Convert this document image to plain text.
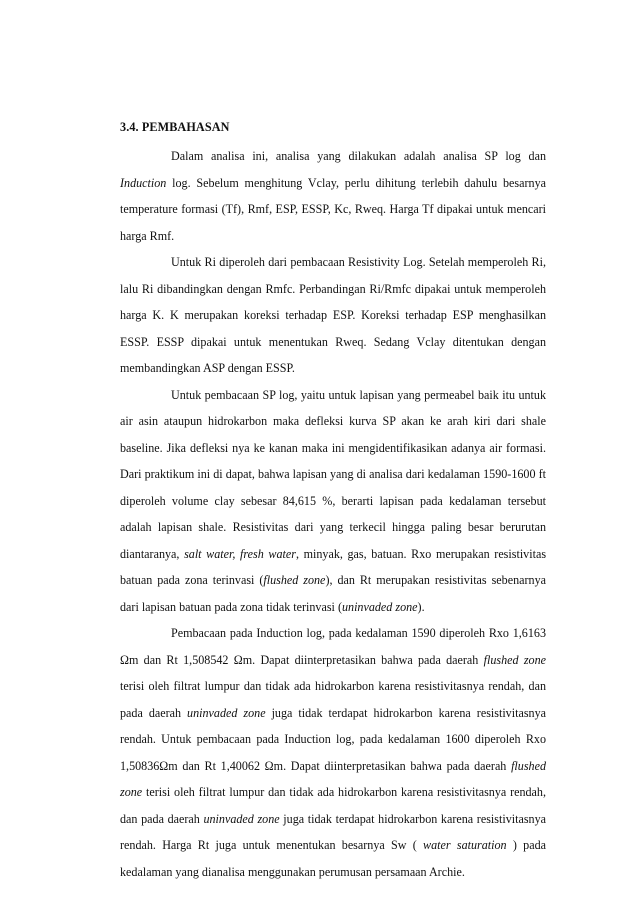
3.4. PEMBAHASAN

Dalam analisa ini, analisa yang dilakukan adalah analisa SP log dan Induction log. Sebelum menghitung Vclay, perlu dihitung terlebih dahulu besarnya temperature formasi (Tf), Rmf, ESP, ESSP, Kc, Rweq. Harga Tf dipakai untuk mencari harga Rmf.

Untuk Ri diperoleh dari pembacaan Resistivity Log. Setelah memperoleh Ri, lalu Ri dibandingkan dengan Rmfc. Perbandingan Ri/Rmfc dipakai untuk memperoleh harga K. K merupakan koreksi terhadap ESP. Koreksi terhadap ESP menghasilkan ESSP. ESSP dipakai untuk menentukan Rweq. Sedang Vclay ditentukan dengan membandingkan ASP dengan ESSP.

Untuk pembacaan SP log, yaitu untuk lapisan yang permeabel baik itu untuk air asin ataupun hidrokarbon maka defleksi kurva SP akan ke arah kiri dari shale baseline. Jika defleksi nya ke kanan maka ini mengidentifikasikan adanya air formasi. Dari praktikum ini di dapat, bahwa lapisan yang di analisa dari kedalaman 1590-1600 ft diperoleh volume clay sebesar 84,615 %, berarti lapisan pada kedalaman tersebut adalah lapisan shale. Resistivitas dari yang terkecil hingga paling besar berurutan diantaranya, salt water, fresh water, minyak, gas, batuan. Rxo merupakan resistivitas batuan pada zona terinvasi (flushed zone), dan Rt merupakan resistivitas sebenarnya dari lapisan batuan pada zona tidak terinvasi (uninvaded zone).

Pembacaan pada Induction log, pada kedalaman 1590 diperoleh Rxo 1,6163 Ωm dan Rt 1,508542 Ωm. Dapat diinterpretasikan bahwa pada daerah flushed zone terisi oleh filtrat lumpur dan tidak ada hidrokarbon karena resistivitasnya rendah, dan pada daerah uninvaded zone juga tidak terdapat hidrokarbon karena resistivitasnya rendah. Untuk pembacaan pada Induction log, pada kedalaman 1600 diperoleh Rxo 1,50836Ωm dan Rt 1,40062 Ωm. Dapat diinterpretasikan bahwa pada daerah flushed zone terisi oleh filtrat lumpur dan tidak ada hidrokarbon karena resistivitasnya rendah, dan pada daerah uninvaded zone juga tidak terdapat hidrokarbon karena resistivitasnya rendah. Harga Rt juga untuk menentukan besarnya Sw ( water saturation ) pada kedalaman yang dianalisa menggunakan perumusan persamaan Archie.
